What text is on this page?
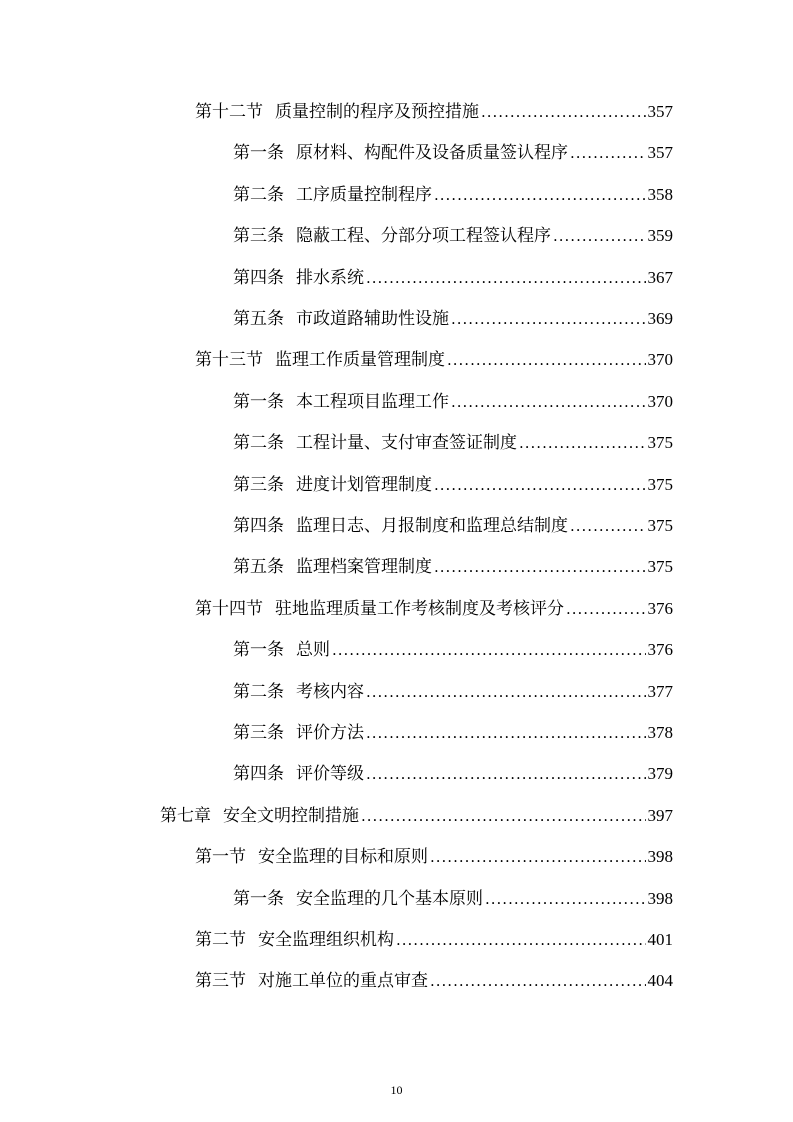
第十二节 质量控制的程序及预控措施 .....	357
第一条 原材料、构配件及设备质量签认程序 .....	357
第二条 工序质量控制程序 .....	358
第三条 隐蔽工程、分部分项工程签认程序 .....	359
第四条 排水系统 .....	367
第五条 市政道路辅助性设施 .....	369
第十三节 监理工作质量管理制度 .....	370
第一条 本工程项目监理工作 .....	370
第二条 工程计量、支付审查签证制度 .....	375
第三条 进度计划管理制度 .....	375
第四条 监理日志、月报制度和监理总结制度 .....	375
第五条 监理档案管理制度 .....	375
第十四节 驻地监理质量工作考核制度及考核评分 .....	376
第一条 总则 .....	376
第二条 考核内容 .....	377
第三条 评价方法 .....	378
第四条 评价等级 .....	379
第七章 安全文明控制措施 .....	397
第一节 安全监理的目标和原则 .....	398
第一条 安全监理的几个基本原则 .....	398
第二节 安全监理组织机构 .....	401
第三节 对施工单位的重点审查 .....	404
10
